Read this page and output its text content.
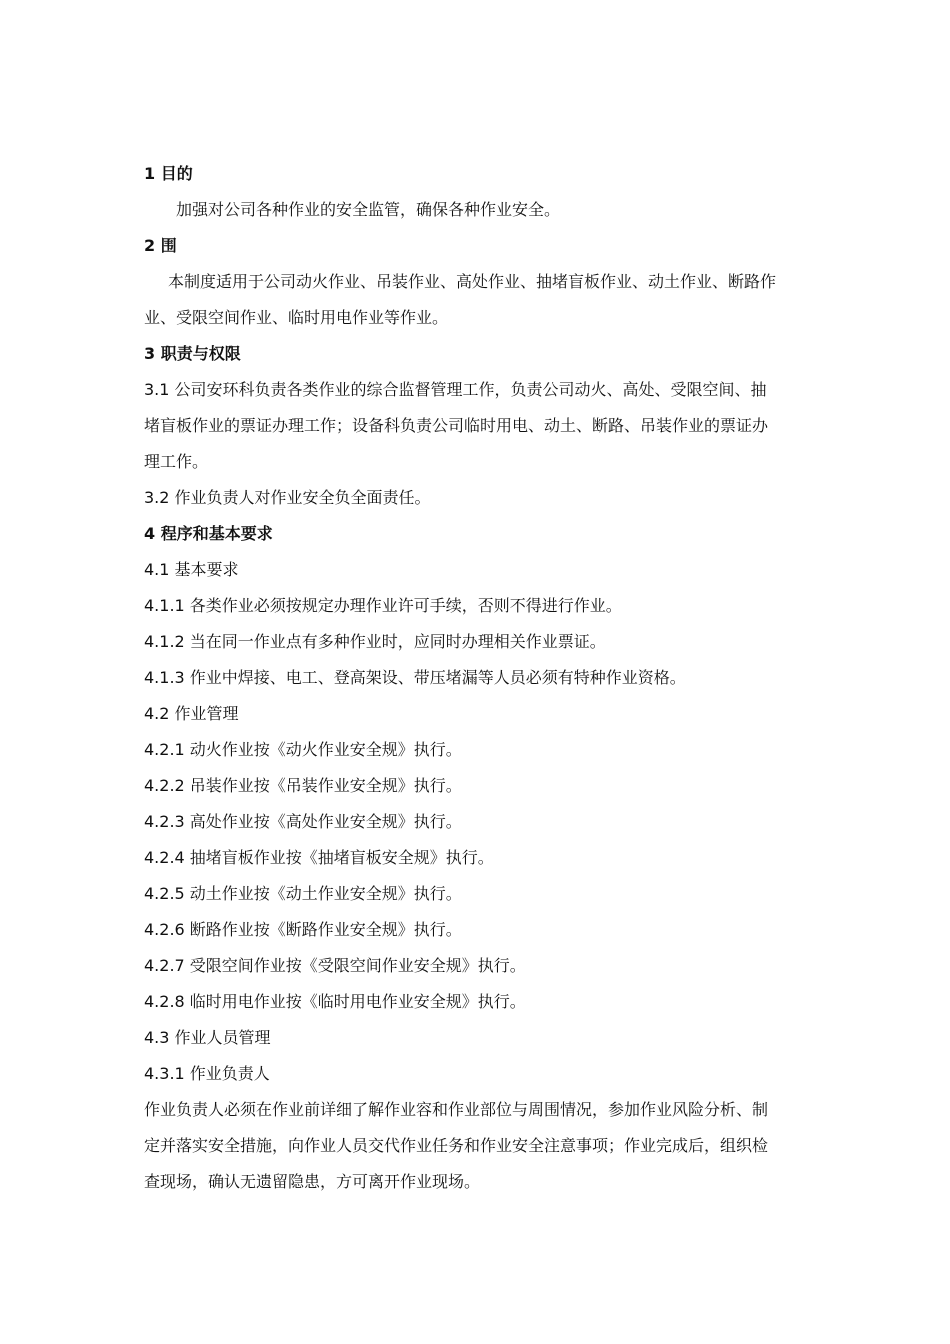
1 目的
加强对公司各种作业的安全监管，确保各种作业安全。
2 围
本制度适用于公司动火作业、吊装作业、高处作业、抽堵盲板作业、动土作业、断路作
业、受限空间作业、临时用电作业等作业。
3 职责与权限
3.1 公司安环科负责各类作业的综合监督管理工作，负责公司动火、高处、受限空间、抽
堵盲板作业的票证办理工作；设备科负责公司临时用电、动土、断路、吊装作业的票证办
理工作。
3.2 作业负责人对作业安全负全面责任。
4 程序和基本要求
4.1 基本要求
4.1.1 各类作业必须按规定办理作业许可手续，否则不得进行作业。
4.1.2 当在同一作业点有多种作业时，应同时办理相关作业票证。
4.1.3 作业中焊接、电工、登高架设、带压堵漏等人员必须有特种作业资格。
4.2 作业管理
4.2.1 动火作业按《动火作业安全规》执行。
4.2.2 吊装作业按《吊装作业安全规》执行。
4.2.3 高处作业按《高处作业安全规》执行。
4.2.4 抽堵盲板作业按《抽堵盲板安全规》执行。
4.2.5 动土作业按《动土作业安全规》执行。
4.2.6 断路作业按《断路作业安全规》执行。
4.2.7 受限空间作业按《受限空间作业安全规》执行。
4.2.8 临时用电作业按《临时用电作业安全规》执行。
4.3 作业人员管理
4.3.1 作业负责人
作业负责人必须在作业前详细了解作业容和作业部位与周围情况，参加作业风险分析、制
定并落实安全措施，向作业人员交代作业任务和作业安全注意事项；作业完成后，组织检
查现场，确认无遗留隐患，方可离开作业现场。
